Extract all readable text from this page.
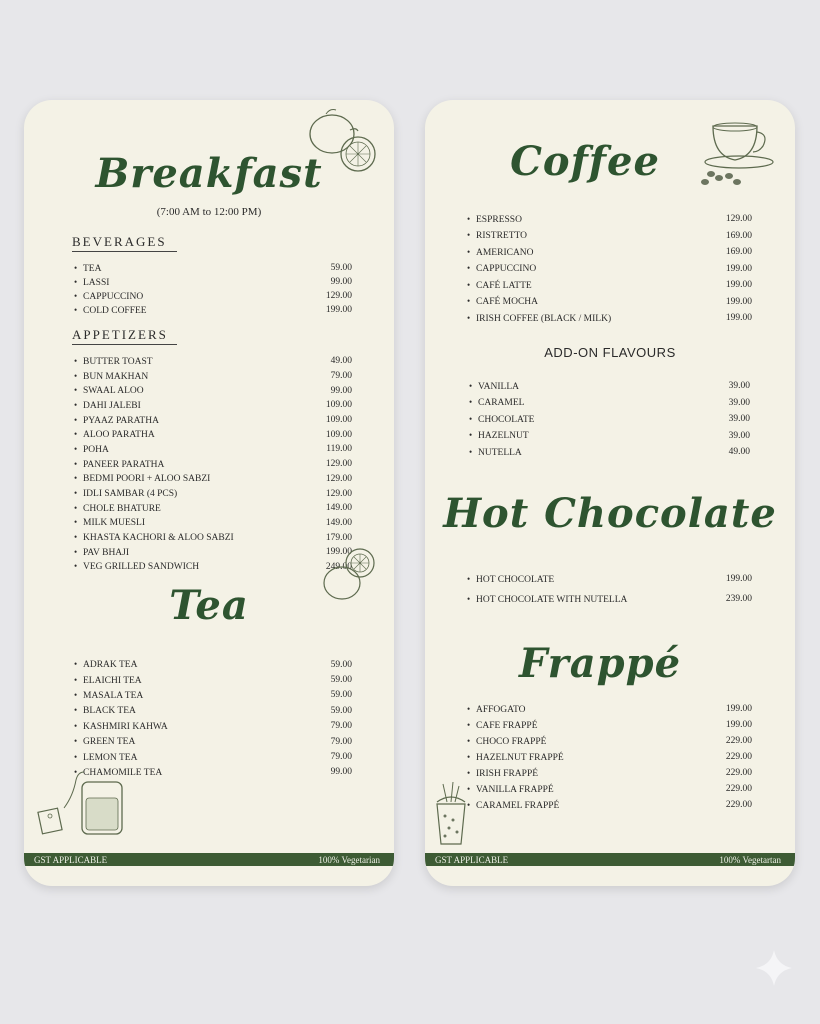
Breakfast
(7:00 AM to 12:00 PM)
BEVERAGES
• TEA	59.00
• LASSI	99.00
• CAPPUCCINO	129.00
• COLD COFFEE	199.00
APPETIZERS
• BUTTER TOAST	49.00
• BUN MAKHAN	79.00
• SWAAL ALOO	99.00
• DAHI JALEBI	109.00
• PYAAZ PARATHA	109.00
• ALOO PARATHA	109.00
• POHA	119.00
• PANEER PARATHA	129.00
• BEDMI POORI + ALOO SABZI	129.00
• IDLI SAMBAR (4 PCS)	129.00
• CHOLE BHATURE	149.00
• MILK MUESLI	149.00
• KHASTA KACHORI & ALOO SABZI	179.00
• PAV BHAJI	199.00
• VEG GRILLED SANDWICH	249.00
Tea
• ADRAK TEA	59.00
• ELAICHI TEA	59.00
• MASALA TEA	59.00
• BLACK TEA	59.00
• KASHMIRI KAHWA	79.00
• GREEN TEA	79.00
• LEMON TEA	79.00
• CHAMOMILE TEA	99.00
GST APPLICABLE	100% Vegetarian
Coffee
• ESPRESSO	129.00
• RISTRETTO	169.00
• AMERICANO	169.00
• CAPPUCCINO	199.00
• CAFÉ LATTE	199.00
• CAFÉ MOCHA	199.00
• IRISH COFFEE (BLACK / MILK)	199.00
ADD-ON FLAVOURS
• VANILLA	39.00
• CARAMEL	39.00
• CHOCOLATE	39.00
• HAZELNUT	39.00
• NUTELLA	49.00
Hot Chocolate
• HOT CHOCOLATE	199.00
• HOT CHOCOLATE WITH NUTELLA	239.00
Frappé
• AFFOGATO	199.00
• CAFE FRAPPÉ	199.00
• CHOCO FRAPPÉ	229.00
• HAZELNUT FRAPPÉ	229.00
• IRISH FRAPPÉ	229.00
• VANILLA FRAPPÉ	229.00
• CARAMEL FRAPPÉ	229.00
GST APPLICABLE	100% Vegetartan
